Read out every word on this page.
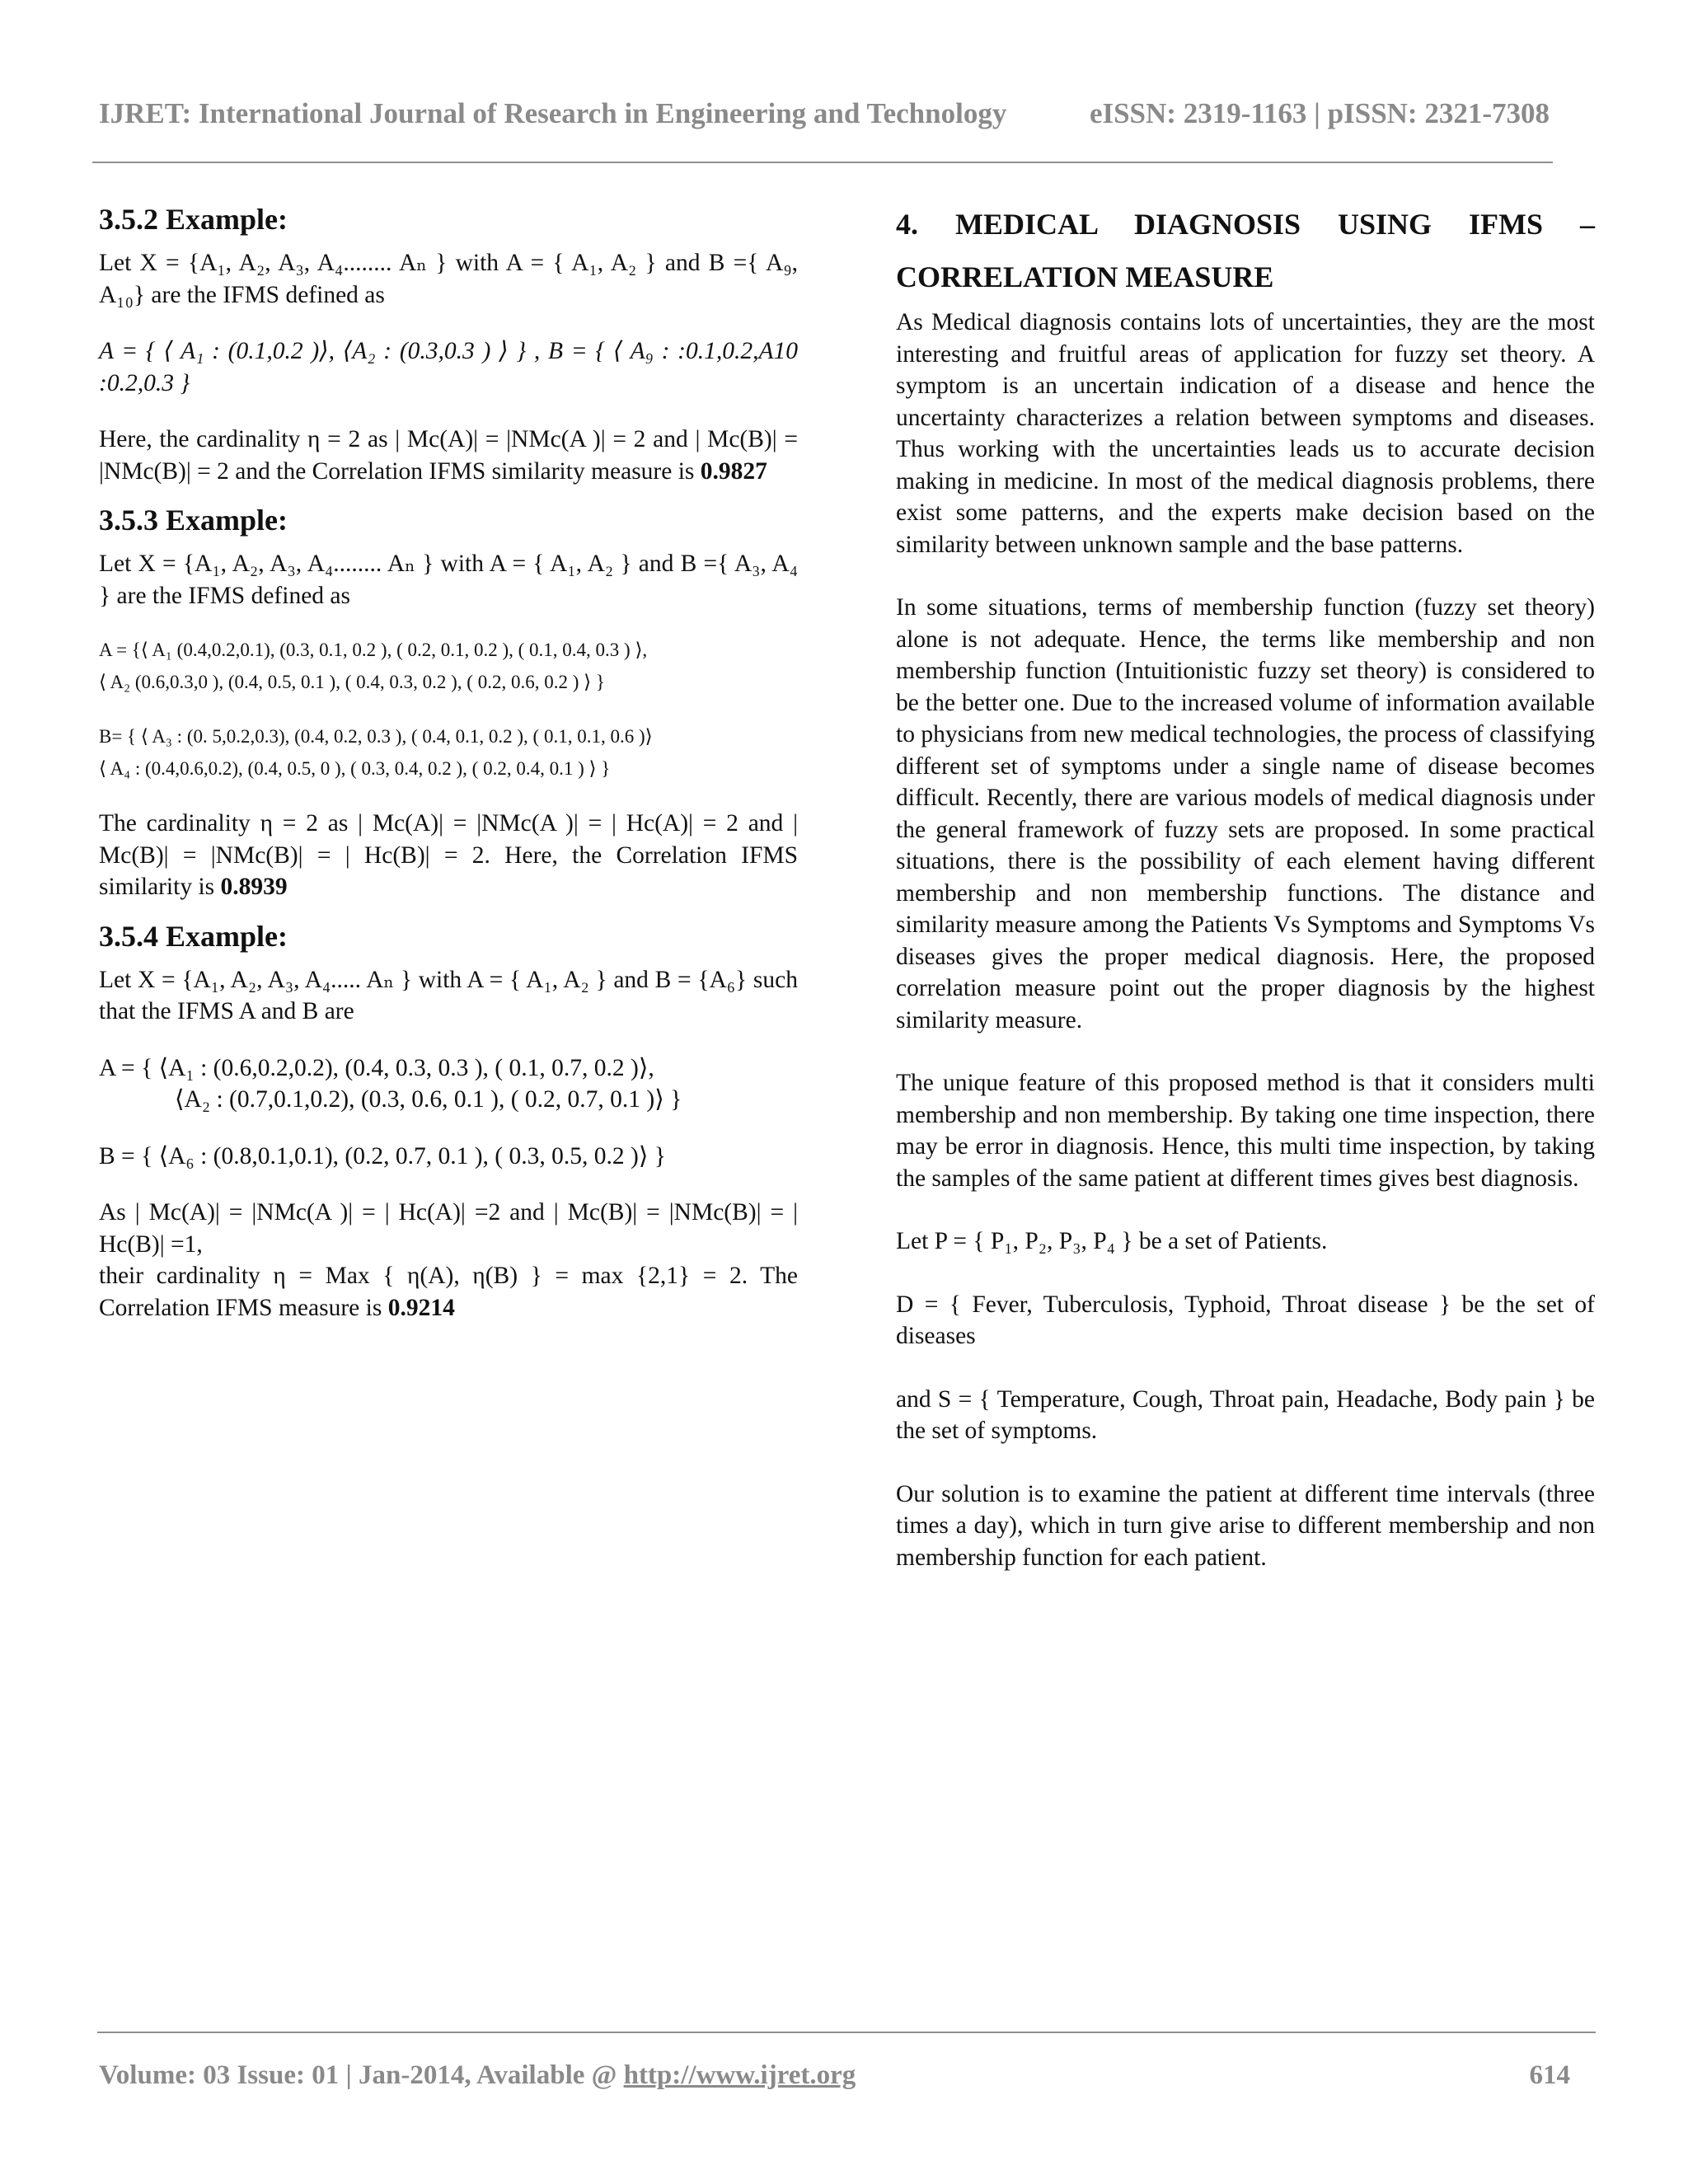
IJRET: International Journal of Research in Engineering and Technology	eISSN: 2319-1163 | pISSN: 2321-7308
3.5.2 Example:

Let X = {A₁, A₂, A₃, A₄........ Aₙ } with A = { A₁, A₂ } and B ={ A₉, A₁₀} are the IFMS defined as

A = { ⟨ A₁ : (0.1,0.2 )⟩, ⟨A₂ : (0.3,0.3 ) ⟩ } , B = { ⟨ A₉ : :0.1,0.2,A10 :0.2,0.3 }

Here, the cardinality η = 2 as | Mc(A)| = |NMc(A )| = 2 and | Mc(B)| = |NMc(B)| = 2 and the Correlation IFMS similarity measure is 0.9827

3.5.3 Example:

Let X = {A₁, A₂, A₃, A₄........ Aₙ } with A = { A₁, A₂ } and B ={ A₃, A₄ } are the IFMS defined as

A = {⟨ A₁ (0.4,0.2,0.1), (0.3, 0.1, 0.2 ), ( 0.2, 0.1, 0.2 ), ( 0.1, 0.4, 0.3 ) ⟩,

⟨ A₂ (0.6,0.3,0 ), (0.4, 0.5, 0.1 ), ( 0.4, 0.3, 0.2 ), ( 0.2, 0.6, 0.2 ) ⟩ }

B= { ⟨ A₃ : (0. 5,0.2,0.3), (0.4, 0.2, 0.3 ), ( 0.4, 0.1, 0.2 ), ( 0.1, 0.1, 0.6 )⟩

⟨ A₄ : (0.4,0.6,0.2), (0.4, 0.5, 0 ), ( 0.3, 0.4, 0.2 ), ( 0.2, 0.4, 0.1 ) ⟩ }

The cardinality η = 2 as | Mc(A)| = |NMc(A )| = | Hc(A)| = 2 and | Mc(B)| = |NMc(B)| = | Hc(B)| = 2. Here, the Correlation IFMS similarity is 0.8939

3.5.4 Example:

Let X = {A₁, A₂, A₃, A₄..... Aₙ } with A = { A₁, A₂ } and B = {A₆} such that the IFMS A and B are

A = { ⟨A₁ : (0.6,0.2,0.2), (0.4, 0.3, 0.3 ), ( 0.1, 0.7, 0.2 )⟩,

⟨A₂ : (0.7,0.1,0.2), (0.3, 0.6, 0.1 ), ( 0.2, 0.7, 0.1 )⟩ }

B = { ⟨A₆ : (0.8,0.1,0.1), (0.2, 0.7, 0.1 ), ( 0.3, 0.5, 0.2 )⟩ }

As | Mc(A)| = |NMc(A )| = | Hc(A)| =2 and | Mc(B)| = |NMc(B)| = | Hc(B)| =1,

their cardinality η = Max { η(A), η(B) } = max {2,1} = 2. The Correlation IFMS measure is 0.9214

4. MEDICAL DIAGNOSIS USING IFMS –
CORRELATION MEASURE

As Medical diagnosis contains lots of uncertainties, they are the most interesting and fruitful areas of application for fuzzy set theory. A symptom is an uncertain indication of a disease and hence the uncertainty characterizes a relation between symptoms and diseases. Thus working with the uncertainties leads us to accurate decision making in medicine. In most of the medical diagnosis problems, there exist some patterns, and the experts make decision based on the similarity between unknown sample and the base patterns.

In some situations, terms of membership function (fuzzy set theory) alone is not adequate. Hence, the terms like membership and non membership function (Intuitionistic fuzzy set theory) is considered to be the better one. Due to the increased volume of information available to physicians from new medical technologies, the process of classifying different set of symptoms under a single name of disease becomes difficult. Recently, there are various models of medical diagnosis under the general framework of fuzzy sets are proposed. In some practical situations, there is the possibility of each element having different membership and non membership functions. The distance and similarity measure among the Patients Vs Symptoms and Symptoms Vs diseases gives the proper medical diagnosis. Here, the proposed correlation measure point out the proper diagnosis by the highest similarity measure.

The unique feature of this proposed method is that it considers multi membership and non membership. By taking one time inspection, there may be error in diagnosis. Hence, this multi time inspection, by taking the samples of the same patient at different times gives best diagnosis.

Let P = { P₁, P₂, P₃, P₄ } be a set of Patients.

D = { Fever, Tuberculosis, Typhoid, Throat disease } be the set of diseases

and S = { Temperature, Cough, Throat pain, Headache, Body pain } be the set of symptoms.

Our solution is to examine the patient at different time intervals (three times a day), which in turn give arise to different membership and non membership function for each patient.

Volume: 03 Issue: 01 | Jan-2014, Available @ http://www.ijret.org	614
